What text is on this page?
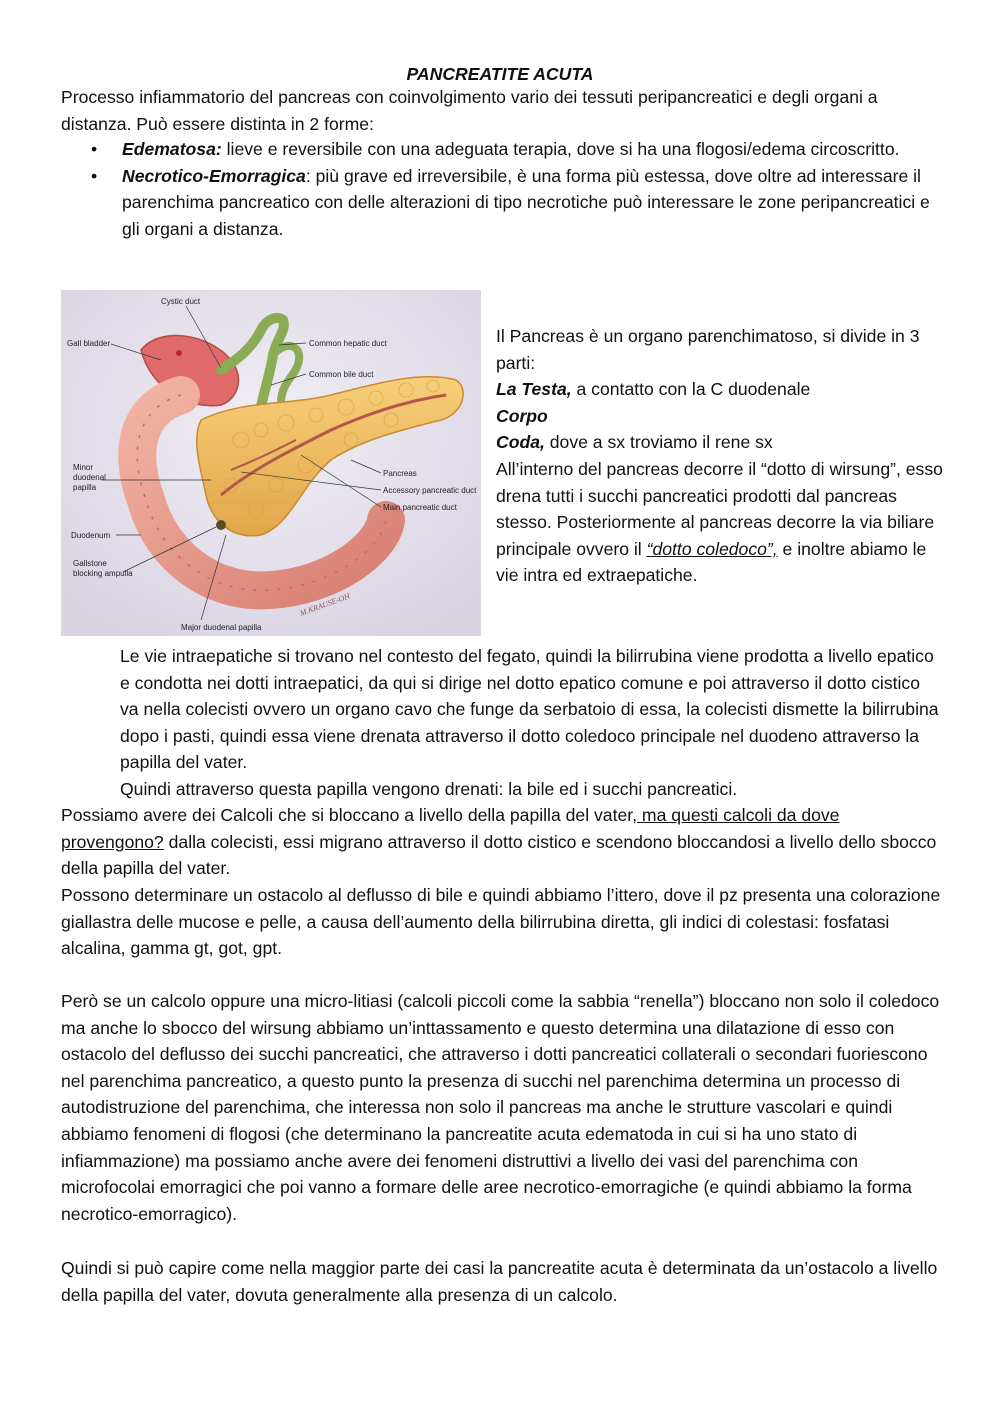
PANCREATITE ACUTA

Processo infiammatorio del pancreas con coinvolgimento vario dei tessuti peripancreatici e degli organi a distanza. Può essere distinta in 2 forme:

• Edematosa: lieve e reversibile con una adeguata terapia, dove si ha una flogosi/edema circoscritto.
• Necrotico-Emorragica: più grave ed irreversibile, è una forma più estessa, dove oltre ad interessare il parenchima pancreatico con delle alterazioni di tipo necrotiche può interessare le zone peripancreatici e gli organi a distanza.
Cystic duct
Gall bladder	Common hepatic duct
Common bile duct
Minor
duodenal
papilla
Pancreas
Accessory pancreatic duct
Main pancreatic duct
Duodenum
Gallstone
blocking ampulla
Major duodenal papilla
M.KRAUSE-OH

Il Pancreas è un organo parenchimatoso, si divide in 3 parti:

La Testa, a contatto con la C duodenale

Corpo

Coda, dove a sx troviamo il rene sx

All’interno del pancreas decorre il “dotto di wirsung”, esso drena tutti i succhi pancreatici prodotti dal pancreas stesso. Posteriormente al pancreas decorre la via biliare principale ovvero il “dotto coledoco”, e inoltre abiamo le vie intra ed extraepatiche.

Le vie intraepatiche si trovano nel contesto del fegato, quindi la bilirrubina viene prodotta a livello epatico e condotta nei dotti intraepatici, da qui si dirige nel dotto epatico comune e poi attraverso il dotto cistico va nella colecisti ovvero un organo cavo che funge da serbatoio di essa, la colecisti dismette la bilirrubina dopo i pasti, quindi essa viene drenata attraverso il dotto coledoco principale nel duodeno attraverso la papilla del vater.

Quindi attraverso questa papilla vengono drenati: la bile ed i succhi pancreatici.

Possiamo avere dei Calcoli che si bloccano a livello della papilla del vater, ma questi calcoli da dove provengono? dalla colecisti, essi migrano attraverso il dotto cistico e scendono bloccandosi a livello dello sbocco della papilla del vater.

Possono determinare un ostacolo al deflusso di bile e quindi abbiamo l’ittero, dove il pz presenta una colorazione giallastra delle mucose e pelle, a causa dell’aumento della bilirrubina diretta, gli indici di colestasi: fosfatasi alcalina, gamma gt, got, gpt.

Però se un calcolo oppure una micro-litiasi (calcoli piccoli come la sabbia “renella”) bloccano non solo il coledoco ma anche lo sbocco del wirsung abbiamo un’inttassamento e questo determina una dilatazione di esso con ostacolo del deflusso dei succhi pancreatici, che attraverso i dotti pancreatici collaterali o secondari fuoriescono nel parenchima pancreatico, a questo punto la presenza di succhi nel parenchima determina un processo di autodistruzione del parenchima, che interessa non solo il pancreas ma anche le strutture vascolari e quindi abbiamo fenomeni di flogosi (che determinano la pancreatite acuta edematoda in cui si ha uno stato di infiammazione) ma possiamo anche avere dei fenomeni distruttivi a livello dei vasi del parenchima con microfocolai emorragici che poi vanno a formare delle aree necrotico-emorragiche (e quindi abbiamo la forma necrotico-emorragico).

Quindi si può capire come nella maggior parte dei casi la pancreatite acuta è determinata da un’ostacolo a livello della papilla del vater, dovuta generalmente alla presenza di un calcolo.
